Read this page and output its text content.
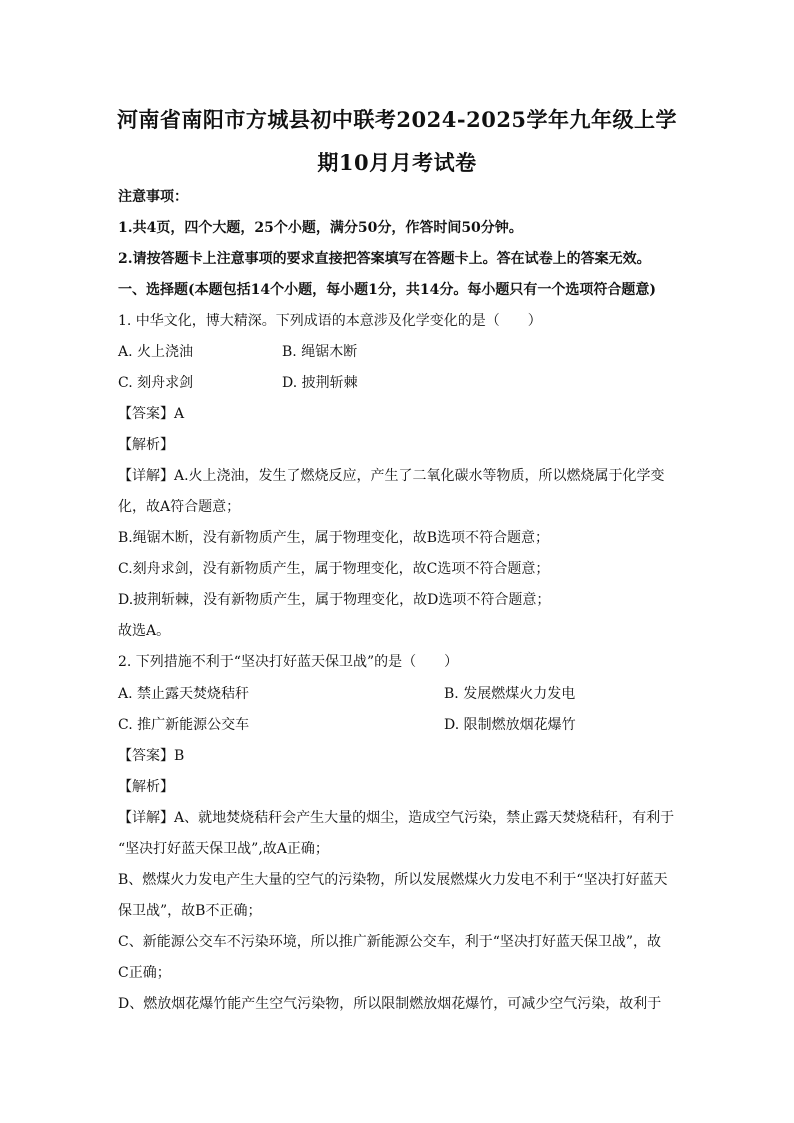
河南省南阳市方城县初中联考2024-2025学年九年级上学
期10月月考试卷
注意事项：
1.共4页，四个大题，25个小题，满分50分，作答时间50分钟。
2.请按答题卡上注意事项的要求直接把答案填写在答题卡上。答在试卷上的答案无效。
一、选择题(本题包括14个小题，每小题1分，共14分。每小题只有一个选项符合题意)
1. 中华文化，博大精深。下列成语的本意涉及化学变化的是（　　）
A. 火上浇油	B. 绳锯木断
C. 刻舟求剑	D. 披荆斩棘
【答案】A
【解析】
【详解】A.火上浇油，发生了燃烧反应，产生了二氧化碳水等物质，所以燃烧属于化学变
化，故A符合题意；
B.绳锯木断，没有新物质产生，属于物理变化，故B选项不符合题意；
C.刻舟求剑，没有新物质产生，属于物理变化，故C选项不符合题意；
D.披荆斩棘，没有新物质产生，属于物理变化，故D选项不符合题意；
故选A。
2. 下列措施不利于“坚决打好蓝天保卫战”的是（　　）
A. 禁止露天焚烧秸秆	B. 发展燃煤火力发电
C. 推广新能源公交车	D. 限制燃放烟花爆竹
【答案】B
【解析】
【详解】A、就地焚烧秸秆会产生大量的烟尘，造成空气污染，禁止露天焚烧秸秆，有利于
“坚决打好蓝天保卫战”,故A正确；
B、燃煤火力发电产生大量的空气的污染物，所以发展燃煤火力发电不利于“坚决打好蓝天
保卫战”，故B不正确；
C、新能源公交车不污染环境，所以推广新能源公交车，利于“坚决打好蓝天保卫战”，故
C正确；
D、燃放烟花爆竹能产生空气污染物，所以限制燃放烟花爆竹，可减少空气污染，故利于
